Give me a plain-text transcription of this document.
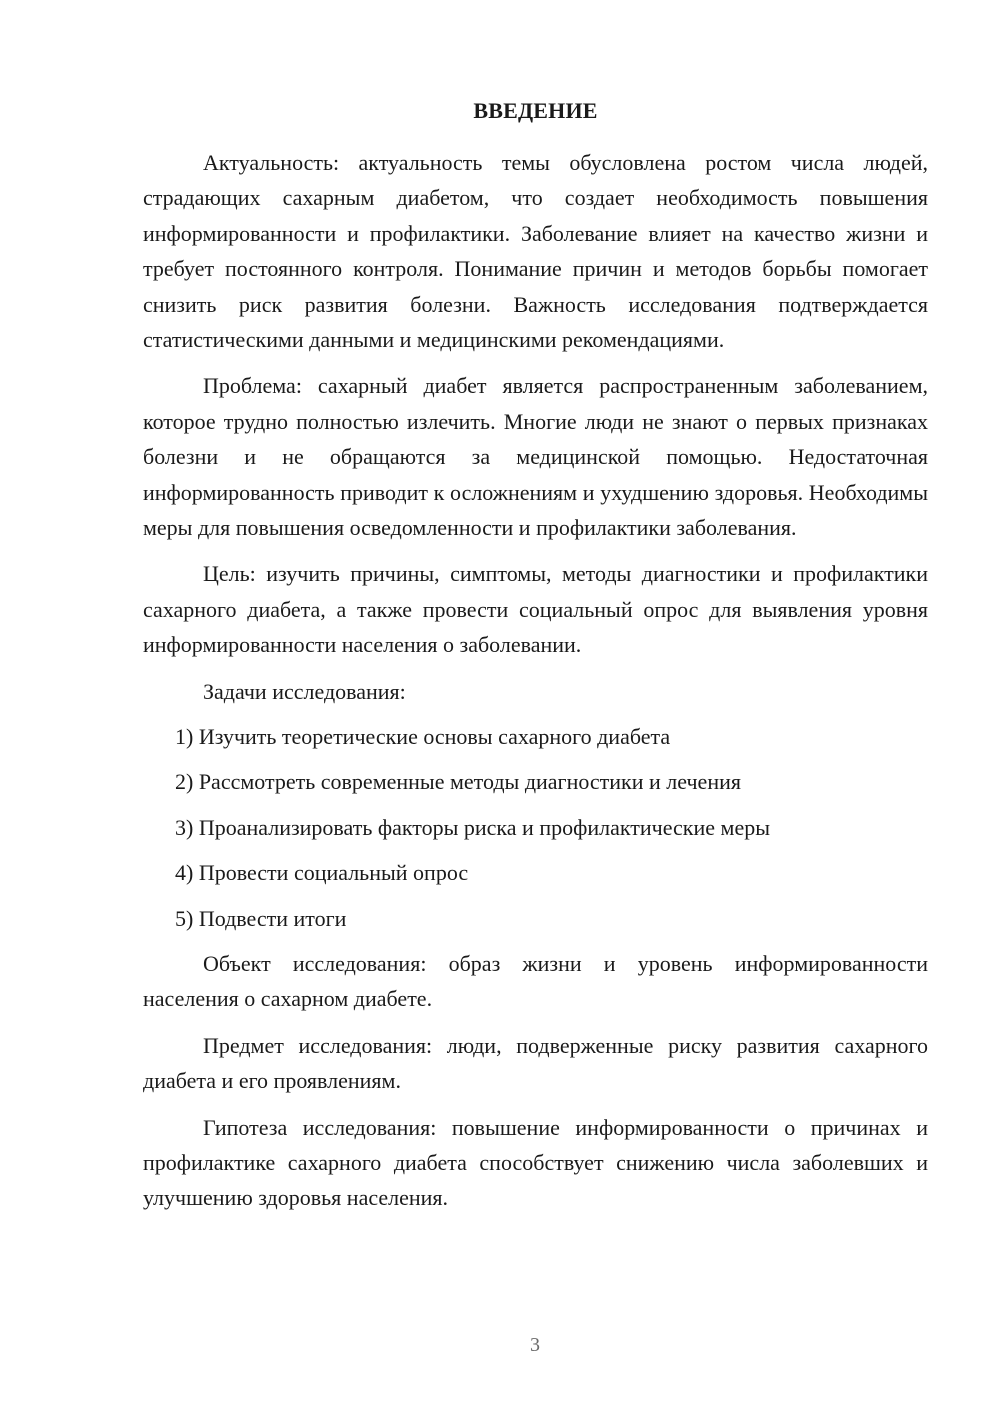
ВВЕДЕНИЕ

Актуальность: актуальность темы обусловлена ростом числа людей, страдающих сахарным диабетом, что создает необходимость повышения информированности и профилактики. Заболевание влияет на качество жизни и требует постоянного контроля. Понимание причин и методов борьбы помогает снизить риск развития болезни. Важность исследования подтверждается статистическими данными и медицинскими рекомендациями.

Проблема: сахарный диабет является распространенным заболеванием, которое трудно полностью излечить. Многие люди не знают о первых признаках болезни и не обращаются за медицинской помощью. Недостаточная информированность приводит к осложнениям и ухудшению здоровья. Необходимы меры для повышения осведомленности и профилактики заболевания.

Цель: изучить причины, симптомы, методы диагностики и профилактики сахарного диабета, а также провести социальный опрос для выявления уровня информированности населения о заболевании.

Задачи исследования:

1) Изучить теоретические основы сахарного диабета
2) Рассмотреть современные методы диагностики и лечения
3) Проанализировать факторы риска и профилактические меры
4) Провести социальный опрос
5) Подвести итоги

Объект исследования: образ жизни и уровень информированности населения о сахарном диабете.

Предмет исследования: люди, подверженные риску развития сахарного диабета и его проявлениям.

Гипотеза исследования: повышение информированности о причинах и профилактике сахарного диабета способствует снижению числа заболевших и улучшению здоровья населения.

3
